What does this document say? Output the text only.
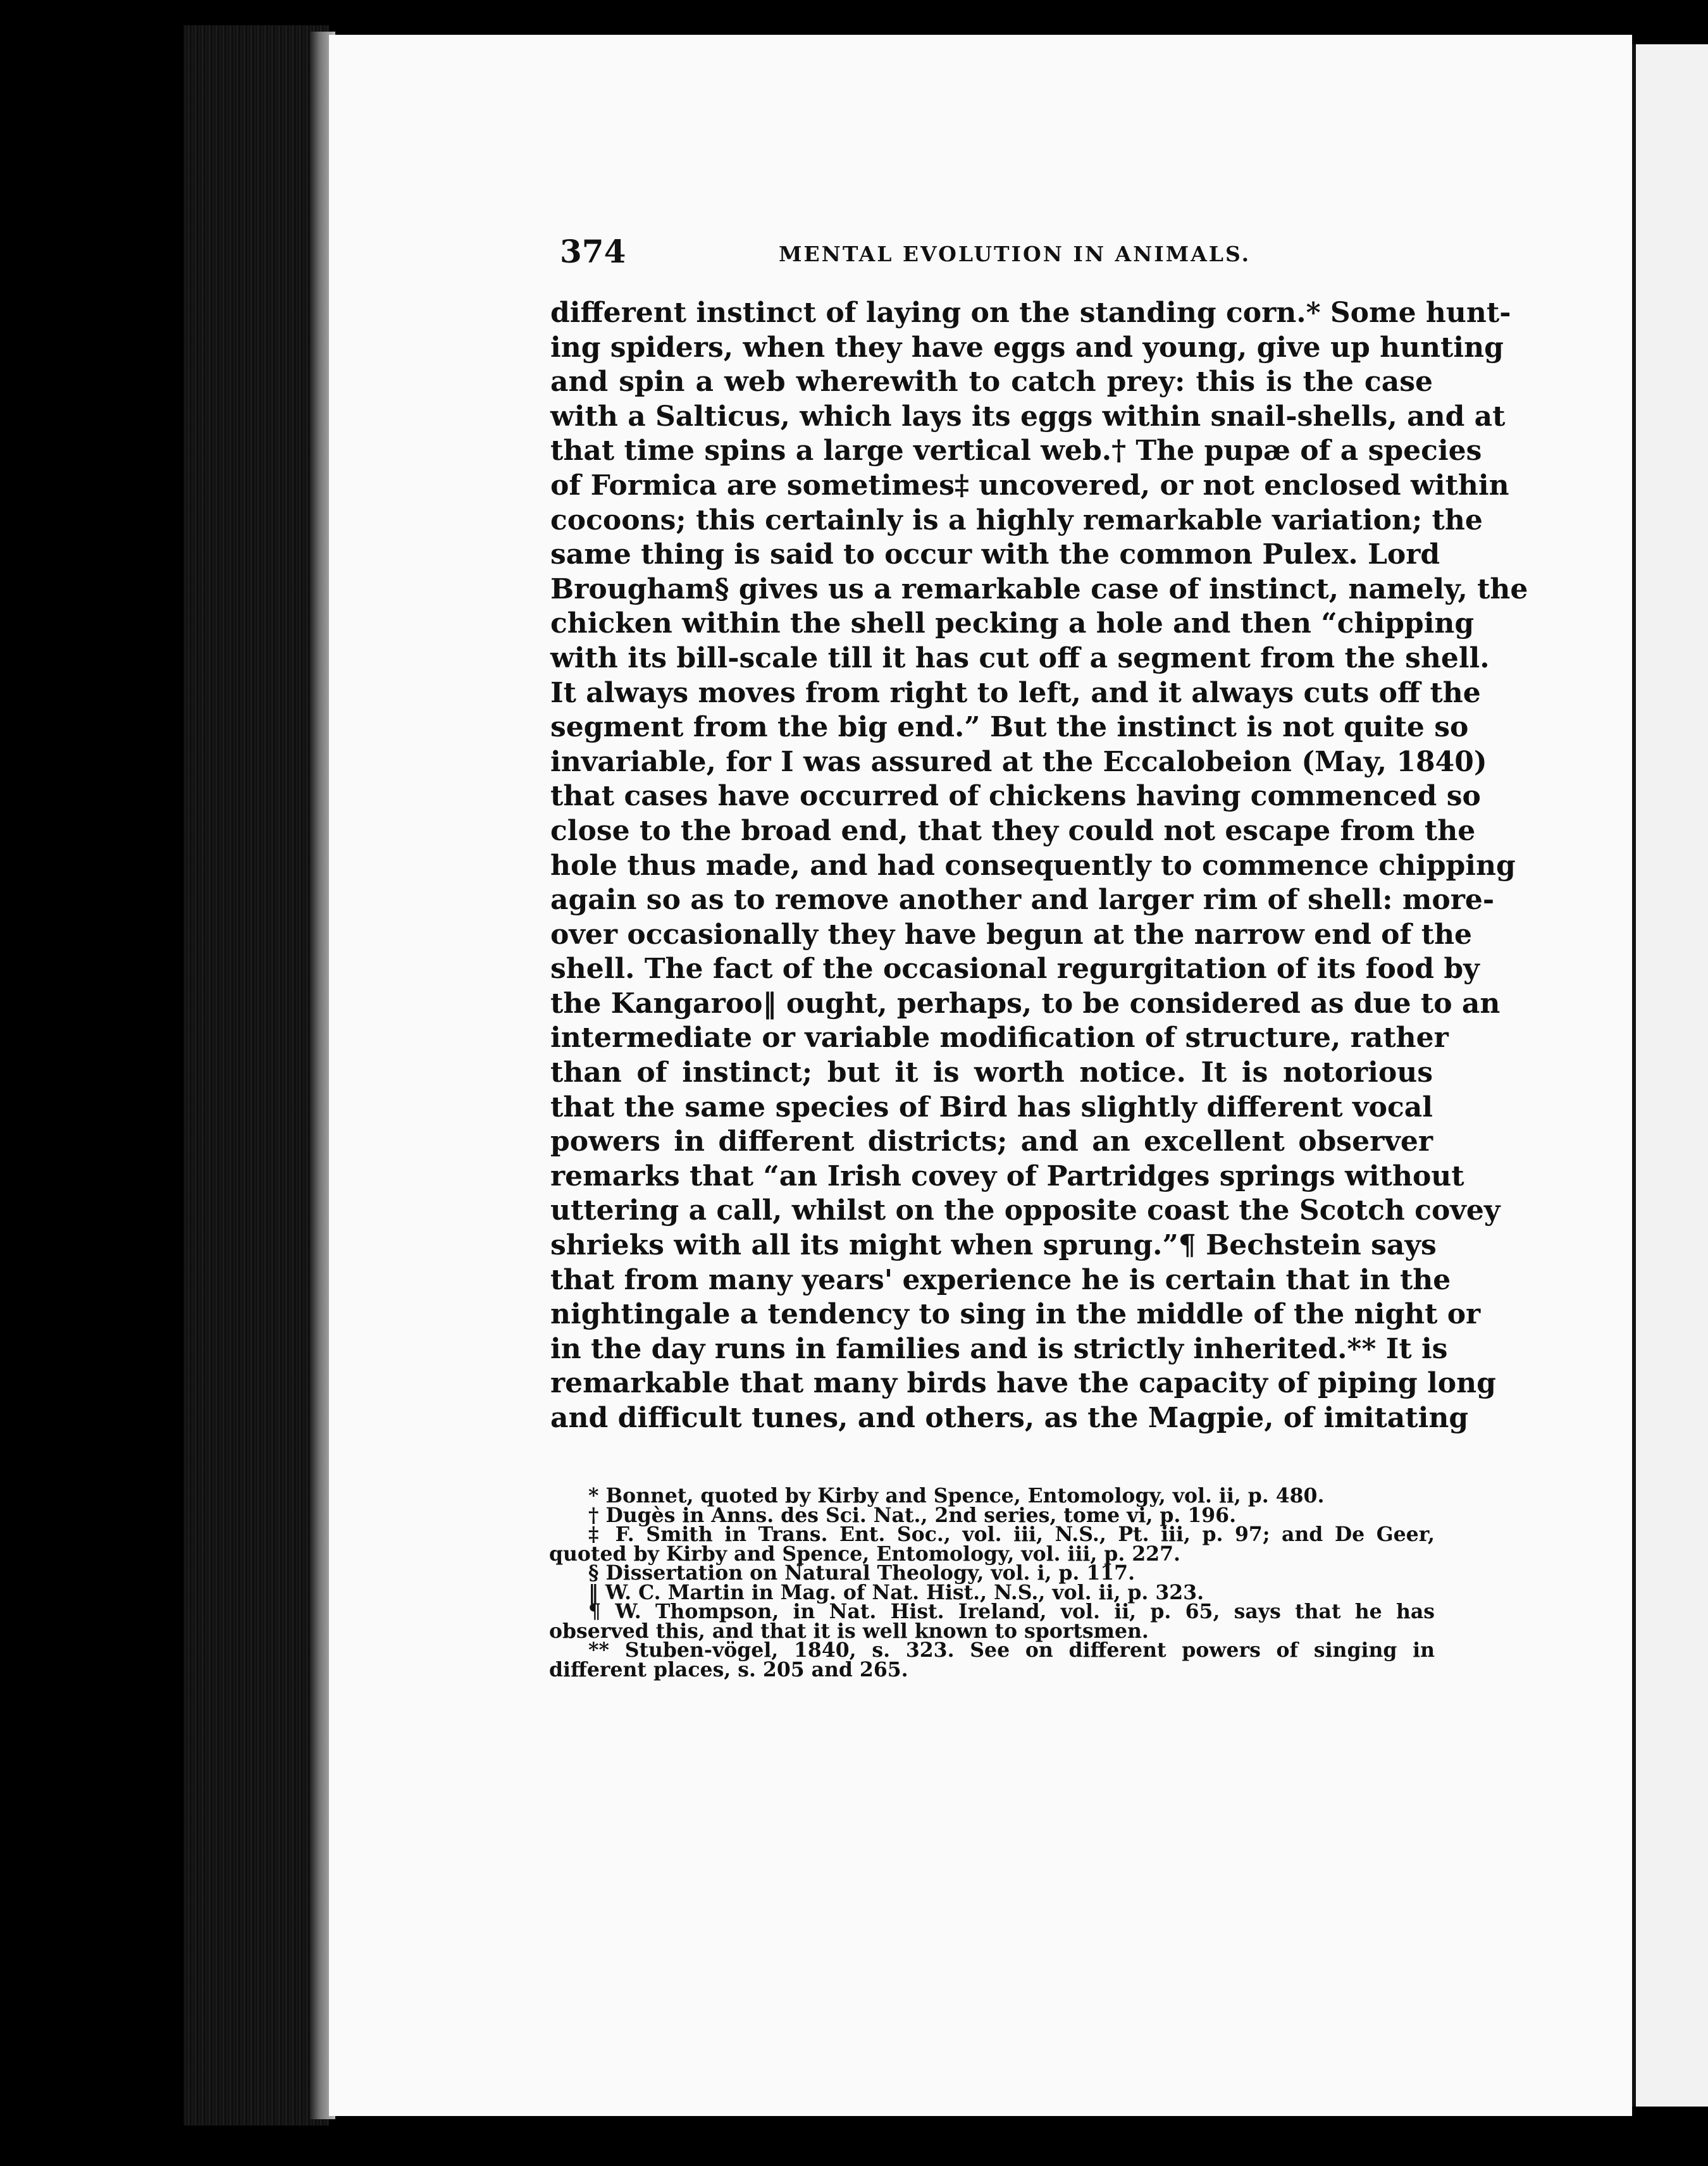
374	MENTAL EVOLUTION IN ANIMALS.
different instinct of laying on the standing corn.* Some hunt-
ing spiders, when they have eggs and young, give up hunting
and spin a web wherewith to catch prey: this is the case
with a Salticus, which lays its eggs within snail-shells, and at
that time spins a large vertical web.† The pupæ of a species
of Formica are sometimes‡ uncovered, or not enclosed within
cocoons; this certainly is a highly remarkable variation; the
same thing is said to occur with the common Pulex. Lord
Brougham§ gives us a remarkable case of instinct, namely, the
chicken within the shell pecking a hole and then “chipping
with its bill-scale till it has cut off a segment from the shell.
It always moves from right to left, and it always cuts off the
segment from the big end.” But the instinct is not quite so
invariable, for I was assured at the Eccalobeion (May, 1840)
that cases have occurred of chickens having commenced so
close to the broad end, that they could not escape from the
hole thus made, and had consequently to commence chipping
again so as to remove another and larger rim of shell: more-
over occasionally they have begun at the narrow end of the
shell. The fact of the occasional regurgitation of its food by
the Kangaroo‖ ought, perhaps, to be considered as due to an
intermediate or variable modification of structure, rather
than of instinct; but it is worth notice. It is notorious
that the same species of Bird has slightly different vocal
powers in different districts; and an excellent observer
remarks that “an Irish covey of Partridges springs without
uttering a call, whilst on the opposite coast the Scotch covey
shrieks with all its might when sprung.”¶ Bechstein says
that from many years' experience he is certain that in the
nightingale a tendency to sing in the middle of the night or
in the day runs in families and is strictly inherited.** It is
remarkable that many birds have the capacity of piping long
and difficult tunes, and others, as the Magpie, of imitating
* Bonnet, quoted by Kirby and Spence, Entomology, vol. ii, p. 480.
† Dugès in Anns. des Sci. Nat., 2nd series, tome vi, p. 196.
‡ F. Smith in Trans. Ent. Soc., vol. iii, N.S., Pt. iii, p. 97; and De Geer,
quoted by Kirby and Spence, Entomology, vol. iii, p. 227.
§ Dissertation on Natural Theology, vol. i, p. 117.
‖ W. C. Martin in Mag. of Nat. Hist., N.S., vol. ii, p. 323.
¶ W. Thompson, in Nat. Hist. Ireland, vol. ii, p. 65, says that he has
observed this, and that it is well known to sportsmen.
** Stuben-vögel, 1840, s. 323. See on different powers of singing in
different places, s. 205 and 265.
